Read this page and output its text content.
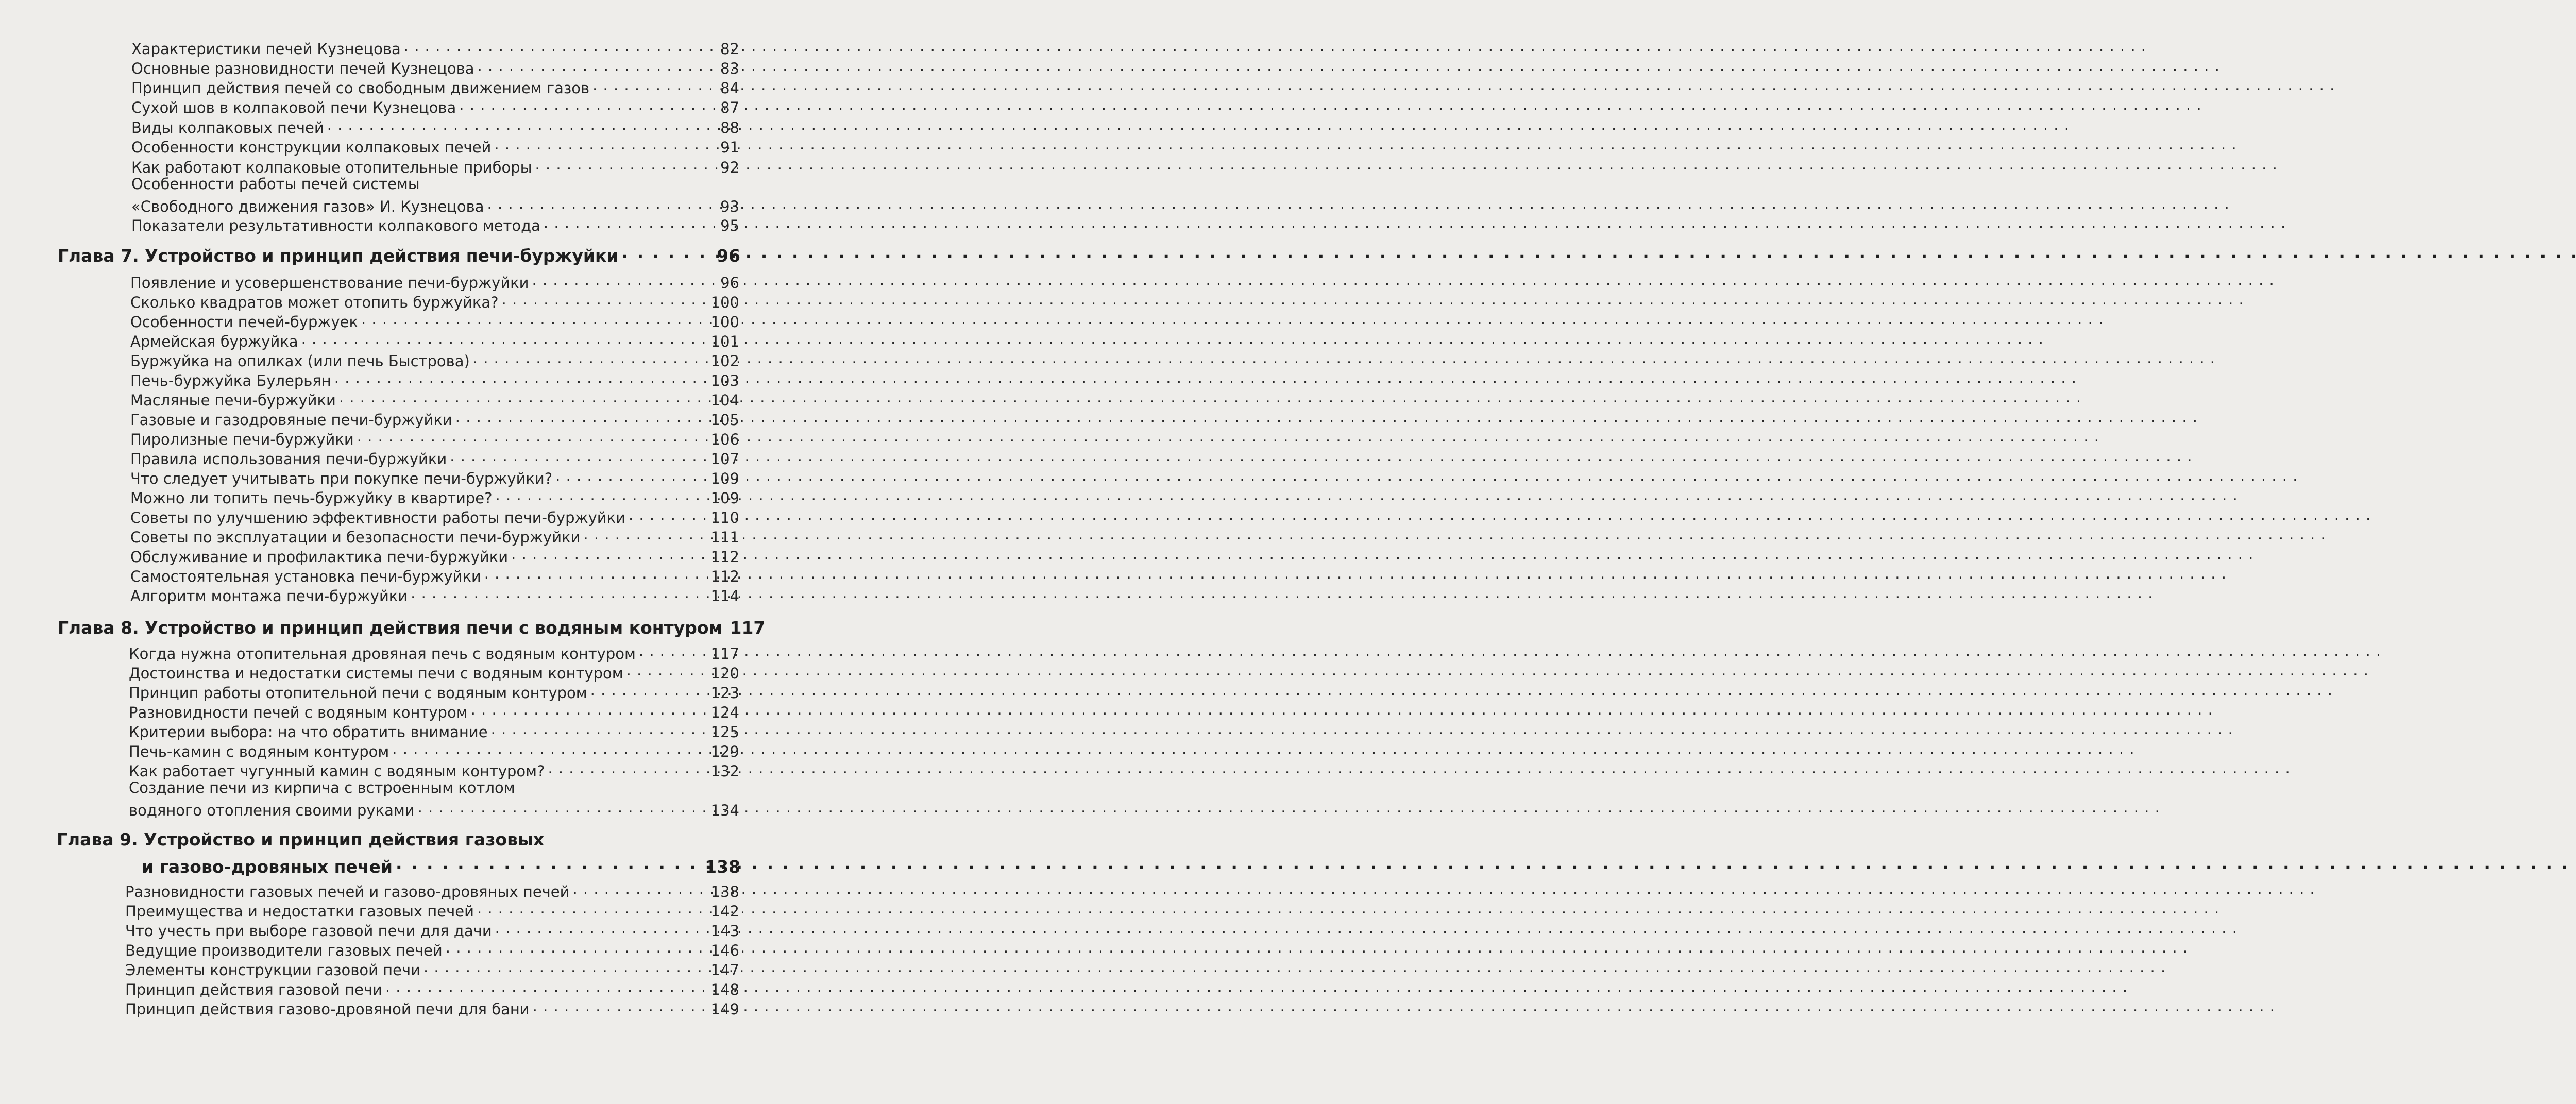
Характеристики печей Кузнецова . . .	82
Основные разновидности печей Кузнецова . . .	83
Принцип действия печей со свободным движением газов . . .	84
Сухой шов в колпаковой печи Кузнецова . . .	87
Виды колпаковых печей . . .	88
Особенности конструкции колпаковых печей . . .	91
Как работают колпаковые отопительные приборы . . .	92
Особенности работы печей системы
«Свободного движения газов» И. Кузнецова . . .	93
Показатели результативности колпакового метода . . .	95
Глава 7. Устройство и принцип действия печи-буржуйки . . .	96
Появление и усовершенствование печи-буржуйки . . .	96
Сколько квадратов может отопить буржуйка? . . .	100
Особенности печей-буржуек . . .	100
Армейская буржуйка . . .	101
Буржуйка на опилках (или печь Быстрова) . . .	102
Печь-буржуйка Булерьян . . .	103
Масляные печи-буржуйки . . .	104
Газовые и газодровяные печи-буржуйки . . .	105
Пиролизные печи-буржуйки . . .	106
Правила использования печи-буржуйки . . .	107
Что следует учитывать при покупке печи-буржуйки? . . .	109
Можно ли топить печь-буржуйку в квартире? . . .	109
Советы по улучшению эффективности работы печи-буржуйки . . .	110
Советы по эксплуатации и безопасности печи-буржуйки . . .	111
Обслуживание и профилактика печи-буржуйки . . .	112
Самостоятельная установка печи-буржуйки . . .	112
Алгоритм монтажа печи-буржуйки . . .	114
Глава 8. Устройство и принцип действия печи с водяным контуром 117
Когда нужна отопительная дровяная печь с водяным контуром . . .	117
Достоинства и недостатки системы печи с водяным контуром . . .	120
Принцип работы отопительной печи с водяным контуром . . .	123
Разновидности печей с водяным контуром . . .	124
Критерии выбора: на что обратить внимание . . .	125
Печь-камин с водяным контуром . . .	129
Как работает чугунный камин с водяным контуром? . . .	132
Создание печи из кирпича с встроенным котлом
водяного отопления своими руками . . .	134
Глава 9. Устройство и принцип действия газовых
и газово-дровяных печей . . .	138
Разновидности газовых печей и газово-дровяных печей . . .	138
Преимущества и недостатки газовых печей . . .	142
Что учесть при выборе газовой печи для дачи . . .	143
Ведущие производители газовых печей . . .	146
Элементы конструкции газовой печи . . .	147
Принцип действия газовой печи . . .	148
Принцип действия газово-дровяной печи для бани . . .	149
